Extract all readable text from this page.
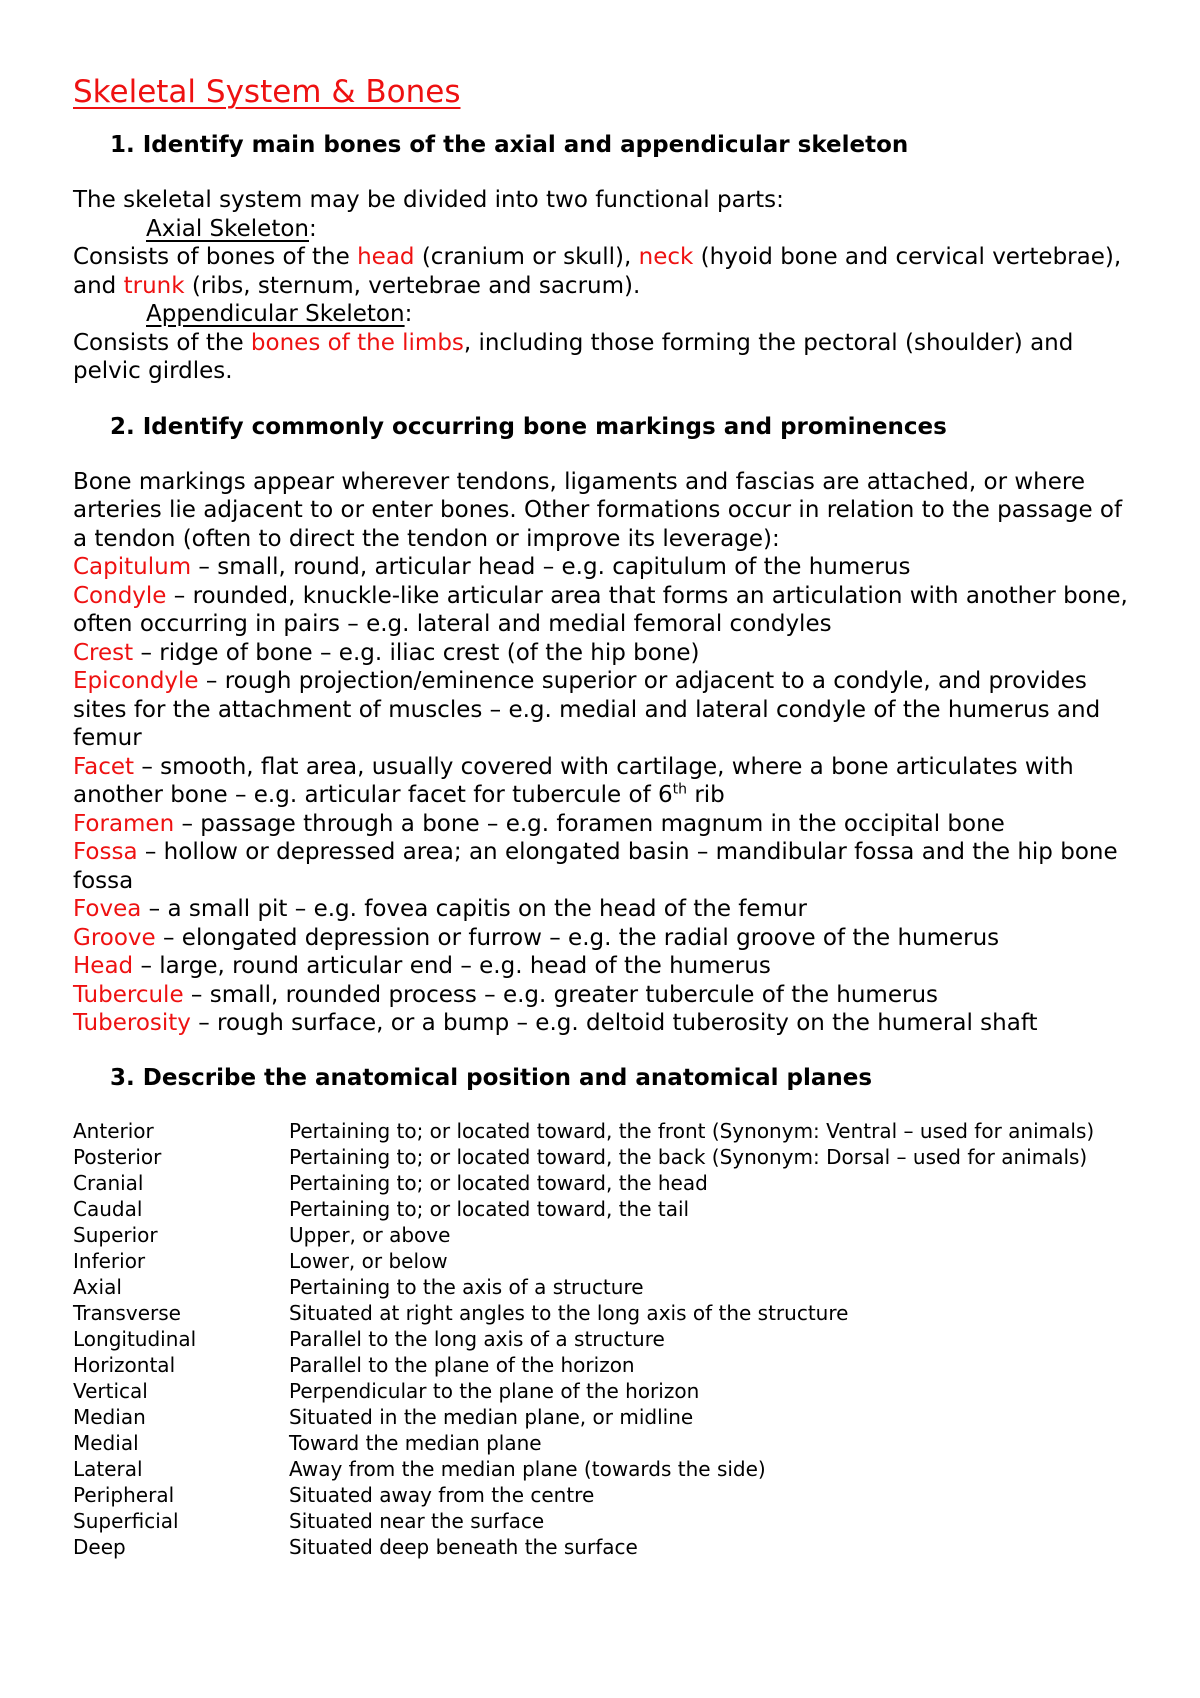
Skeletal System & Bones
1. Identify main bones of the axial and appendicular skeleton
The skeletal system may be divided into two functional parts:
Axial Skeleton:
Consists of bones of the head (cranium or skull), neck (hyoid bone and cervical vertebrae), and trunk (ribs, sternum, vertebrae and sacrum).
Appendicular Skeleton:
Consists of the bones of the limbs, including those forming the pectoral (shoulder) and pelvic girdles.
2. Identify commonly occurring bone markings and prominences
Bone markings appear wherever tendons, ligaments and fascias are attached, or where arteries lie adjacent to or enter bones. Other formations occur in relation to the passage of a tendon (often to direct the tendon or improve its leverage):
Capitulum – small, round, articular head – e.g. capitulum of the humerus
Condyle – rounded, knuckle-like articular area that forms an articulation with another bone, often occurring in pairs – e.g. lateral and medial femoral condyles
Crest – ridge of bone – e.g. iliac crest (of the hip bone)
Epicondyle – rough projection/eminence superior or adjacent to a condyle, and provides sites for the attachment of muscles – e.g. medial and lateral condyle of the humerus and femur
Facet – smooth, flat area, usually covered with cartilage, where a bone articulates with another bone – e.g. articular facet for tubercule of 6th rib
Foramen – passage through a bone – e.g. foramen magnum in the occipital bone
Fossa – hollow or depressed area; an elongated basin – mandibular fossa and the hip bone fossa
Fovea – a small pit – e.g. fovea capitis on the head of the femur
Groove – elongated depression or furrow – e.g. the radial groove of the humerus
Head – large, round articular end – e.g. head of the humerus
Tubercule – small, rounded process – e.g. greater tubercule of the humerus
Tuberosity – rough surface, or a bump – e.g. deltoid tuberosity on the humeral shaft
3. Describe the anatomical position and anatomical planes
Anterior	Pertaining to; or located toward, the front (Synonym: Ventral – used for animals)
Posterior	Pertaining to; or located toward, the back (Synonym: Dorsal – used for animals)
Cranial	Pertaining to; or located toward, the head
Caudal	Pertaining to; or located toward, the tail
Superior	Upper, or above
Inferior	Lower, or below
Axial	Pertaining to the axis of a structure
Transverse	Situated at right angles to the long axis of the structure
Longitudinal	Parallel to the long axis of a structure
Horizontal	Parallel to the plane of the horizon
Vertical	Perpendicular to the plane of the horizon
Median	Situated in the median plane, or midline
Medial	Toward the median plane
Lateral	Away from the median plane (towards the side)
Peripheral	Situated away from the centre
Superficial	Situated near the surface
Deep	Situated deep beneath the surface
